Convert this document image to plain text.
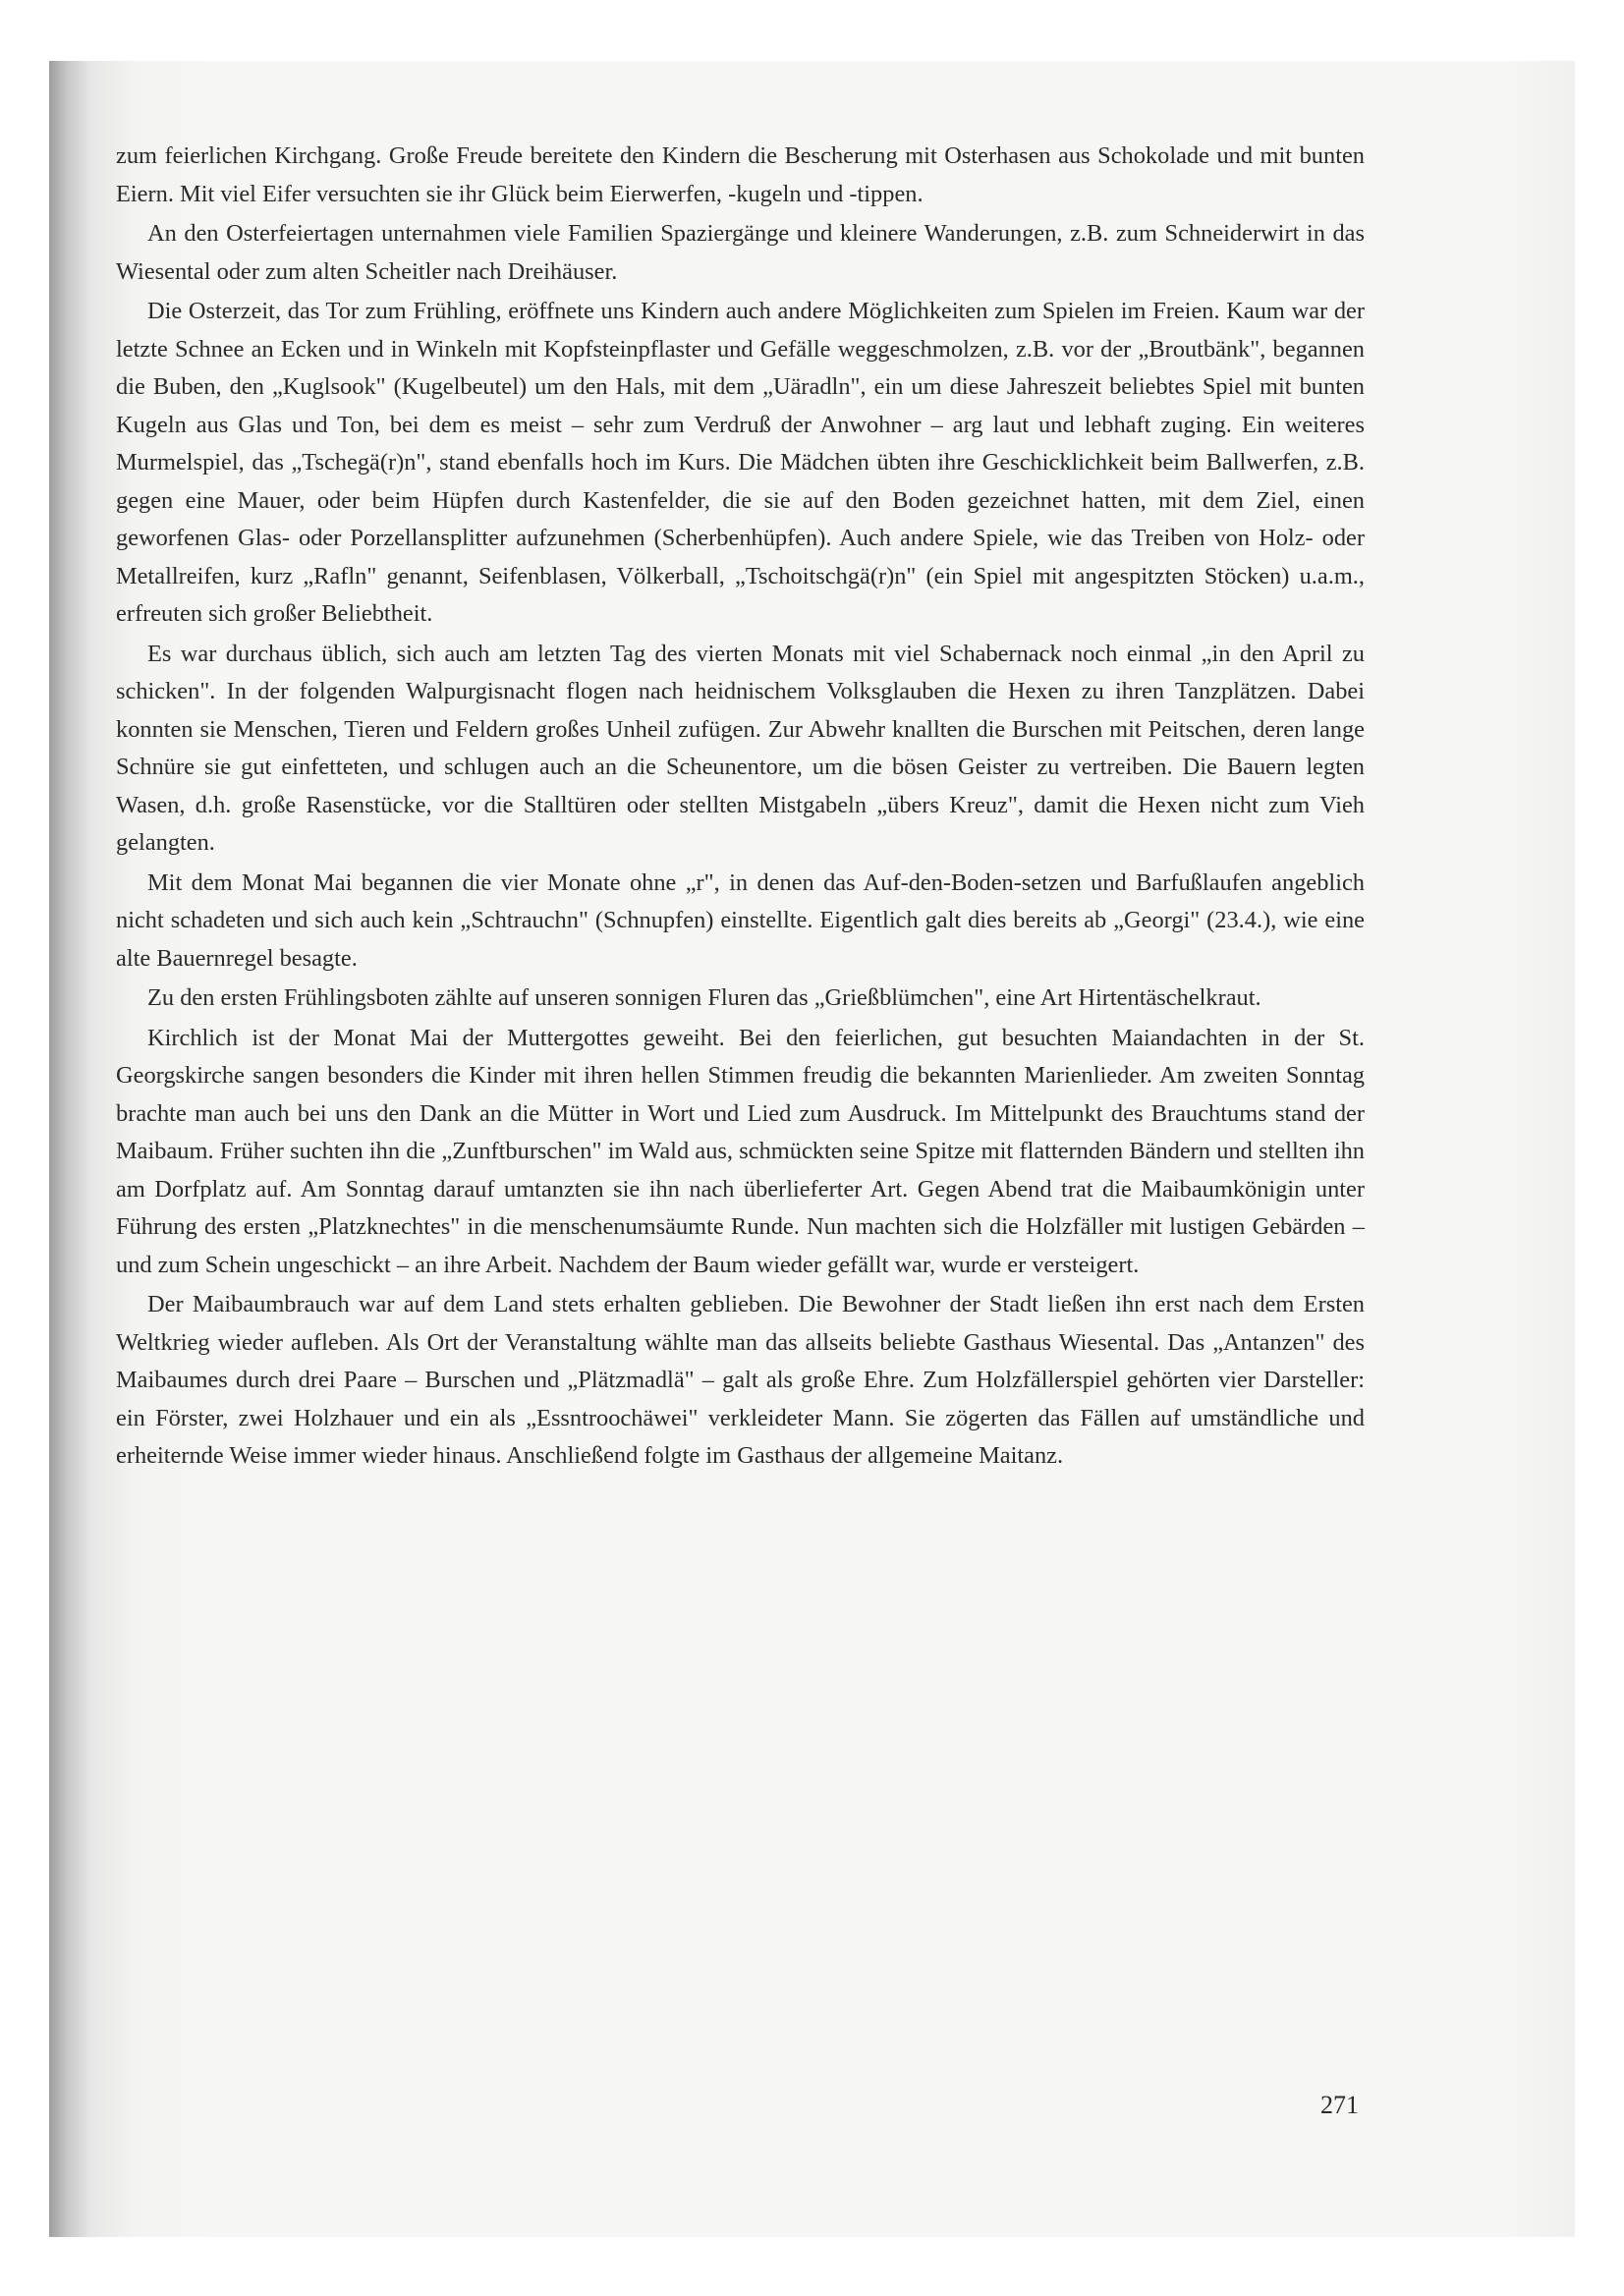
zum feierlichen Kirchgang. Große Freude bereitete den Kindern die Bescherung mit Osterhasen aus Schokolade und mit bunten Eiern. Mit viel Eifer versuchten sie ihr Glück beim Eierwerfen, -kugeln und -tippen.

An den Osterfeiertagen unternahmen viele Familien Spaziergänge und kleinere Wanderungen, z.B. zum Schneiderwirt in das Wiesental oder zum alten Scheitler nach Dreihäuser.

Die Osterzeit, das Tor zum Frühling, eröffnete uns Kindern auch andere Möglichkeiten zum Spielen im Freien. Kaum war der letzte Schnee an Ecken und in Winkeln mit Kopfsteinpflaster und Gefälle weggeschmolzen, z.B. vor der „Broutbänk", begannen die Buben, den „Kuglsook" (Kugelbeutel) um den Hals, mit dem „Uäradln", ein um diese Jahreszeit beliebtes Spiel mit bunten Kugeln aus Glas und Ton, bei dem es meist – sehr zum Verdruß der Anwohner – arg laut und lebhaft zuging. Ein weiteres Murmelspiel, das „Tschegä(r)n", stand ebenfalls hoch im Kurs. Die Mädchen übten ihre Geschicklichkeit beim Ballwerfen, z.B. gegen eine Mauer, oder beim Hüpfen durch Kastenfelder, die sie auf den Boden gezeichnet hatten, mit dem Ziel, einen geworfenen Glas- oder Porzellansplitter aufzunehmen (Scherbenhüpfen). Auch andere Spiele, wie das Treiben von Holz- oder Metallreifen, kurz „Rafln" genannt, Seifenblasen, Völkerball, „Tschoitschgä(r)n" (ein Spiel mit angespitzten Stöcken) u.a.m., erfreuten sich großer Beliebtheit.

Es war durchaus üblich, sich auch am letzten Tag des vierten Monats mit viel Schabernack noch einmal „in den April zu schicken". In der folgenden Walpurgisnacht flogen nach heidnischem Volksglauben die Hexen zu ihren Tanzplätzen. Dabei konnten sie Menschen, Tieren und Feldern großes Unheil zufügen. Zur Abwehr knallten die Burschen mit Peitschen, deren lange Schnüre sie gut einfetteten, und schlugen auch an die Scheunentore, um die bösen Geister zu vertreiben. Die Bauern legten Wasen, d.h. große Rasenstücke, vor die Stalltüren oder stellten Mistgabeln „übers Kreuz", damit die Hexen nicht zum Vieh gelangten.

Mit dem Monat Mai begannen die vier Monate ohne „r", in denen das Auf-den-Boden-setzen und Barfußlaufen angeblich nicht schadeten und sich auch kein „Schtrauchn" (Schnupfen) einstellte. Eigentlich galt dies bereits ab „Georgi" (23.4.), wie eine alte Bauernregel besagte.

Zu den ersten Frühlingsboten zählte auf unseren sonnigen Fluren das „Grießblümchen", eine Art Hirtentäschelkraut.

Kirchlich ist der Monat Mai der Muttergottes geweiht. Bei den feierlichen, gut besuchten Maiandachten in der St. Georgskirche sangen besonders die Kinder mit ihren hellen Stimmen freudig die bekannten Marienlieder. Am zweiten Sonntag brachte man auch bei uns den Dank an die Mütter in Wort und Lied zum Ausdruck. Im Mittelpunkt des Brauchtums stand der Maibaum. Früher suchten ihn die „Zunftburschen" im Wald aus, schmückten seine Spitze mit flatternden Bändern und stellten ihn am Dorfplatz auf. Am Sonntag darauf umtanzten sie ihn nach überlieferter Art. Gegen Abend trat die Maibaumkönigin unter Führung des ersten „Platzknechtes" in die menschenumsäumte Runde. Nun machten sich die Holzfäller mit lustigen Gebärden – und zum Schein ungeschickt – an ihre Arbeit. Nachdem der Baum wieder gefällt war, wurde er versteigert.

Der Maibaumbrauch war auf dem Land stets erhalten geblieben. Die Bewohner der Stadt ließen ihn erst nach dem Ersten Weltkrieg wieder aufleben. Als Ort der Veranstaltung wählte man das allseits beliebte Gasthaus Wiesental. Das „Antanzen" des Maibaumes durch drei Paare – Burschen und „Plätzmadlä" – galt als große Ehre. Zum Holzfällerspiel gehörten vier Darsteller: ein Förster, zwei Holzhauer und ein als „Essntroochäwei" verkleideter Mann. Sie zögerten das Fällen auf umständliche und erheiternde Weise immer wieder hinaus. Anschließend folgte im Gasthaus der allgemeine Maitanz.

271
